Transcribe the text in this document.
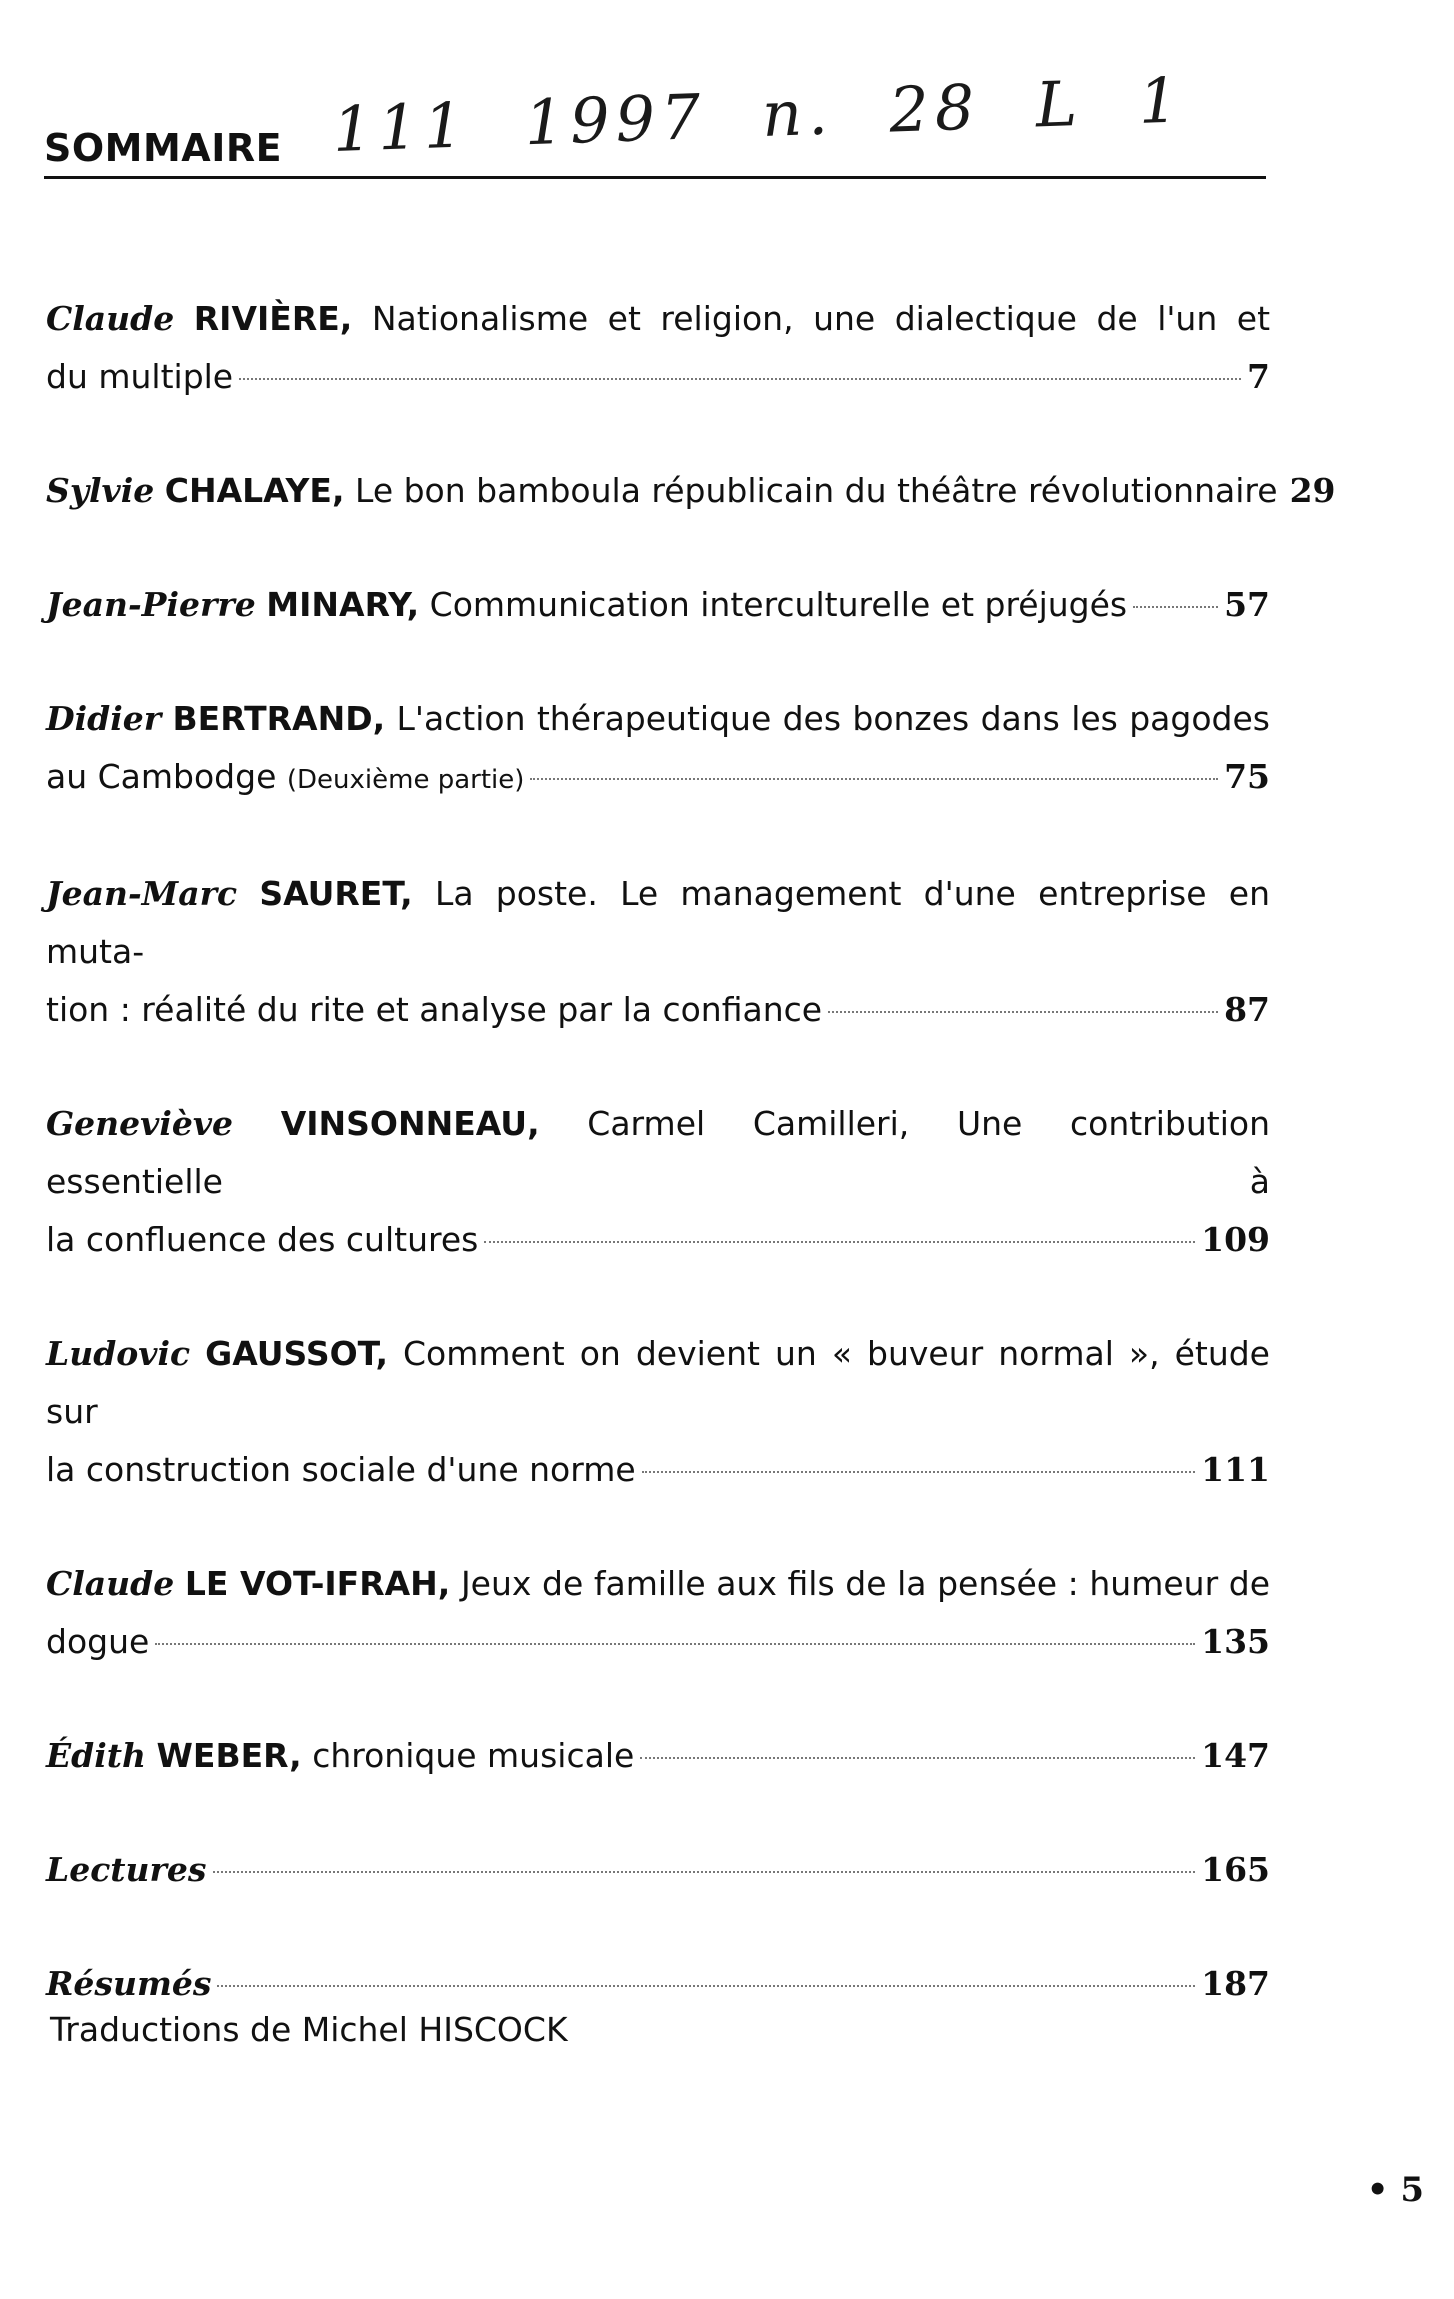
SOMMAIRE 111 1997 n. 28 L 1
Claude RIVIÈRE, Nationalisme et religion, une dialectique de l'un et
du multiple	7
Sylvie CHALAYE, Le bon bamboula républicain du théâtre révolutionnaire 29
Jean-Pierre MINARY, Communication interculturelle et préjugés	57
Didier BERTRAND, L'action thérapeutique des bonzes dans les pagodes
au Cambodge (Deuxième partie)	75
Jean-Marc SAURET, La poste. Le management d'une entreprise en muta-
tion : réalité du rite et analyse par la confiance	87
Geneviève VINSONNEAU, Carmel Camilleri, Une contribution essentielle à
la confluence des cultures	109
Ludovic GAUSSOT, Comment on devient un « buveur normal », étude sur
la construction sociale d'une norme	111
Claude LE VOT-IFRAH, Jeux de famille aux fils de la pensée : humeur de
dogue	135
Édith WEBER, chronique musicale	147
Lectures	165
Résumés	187
Traductions de Michel HISCOCK
• 5
